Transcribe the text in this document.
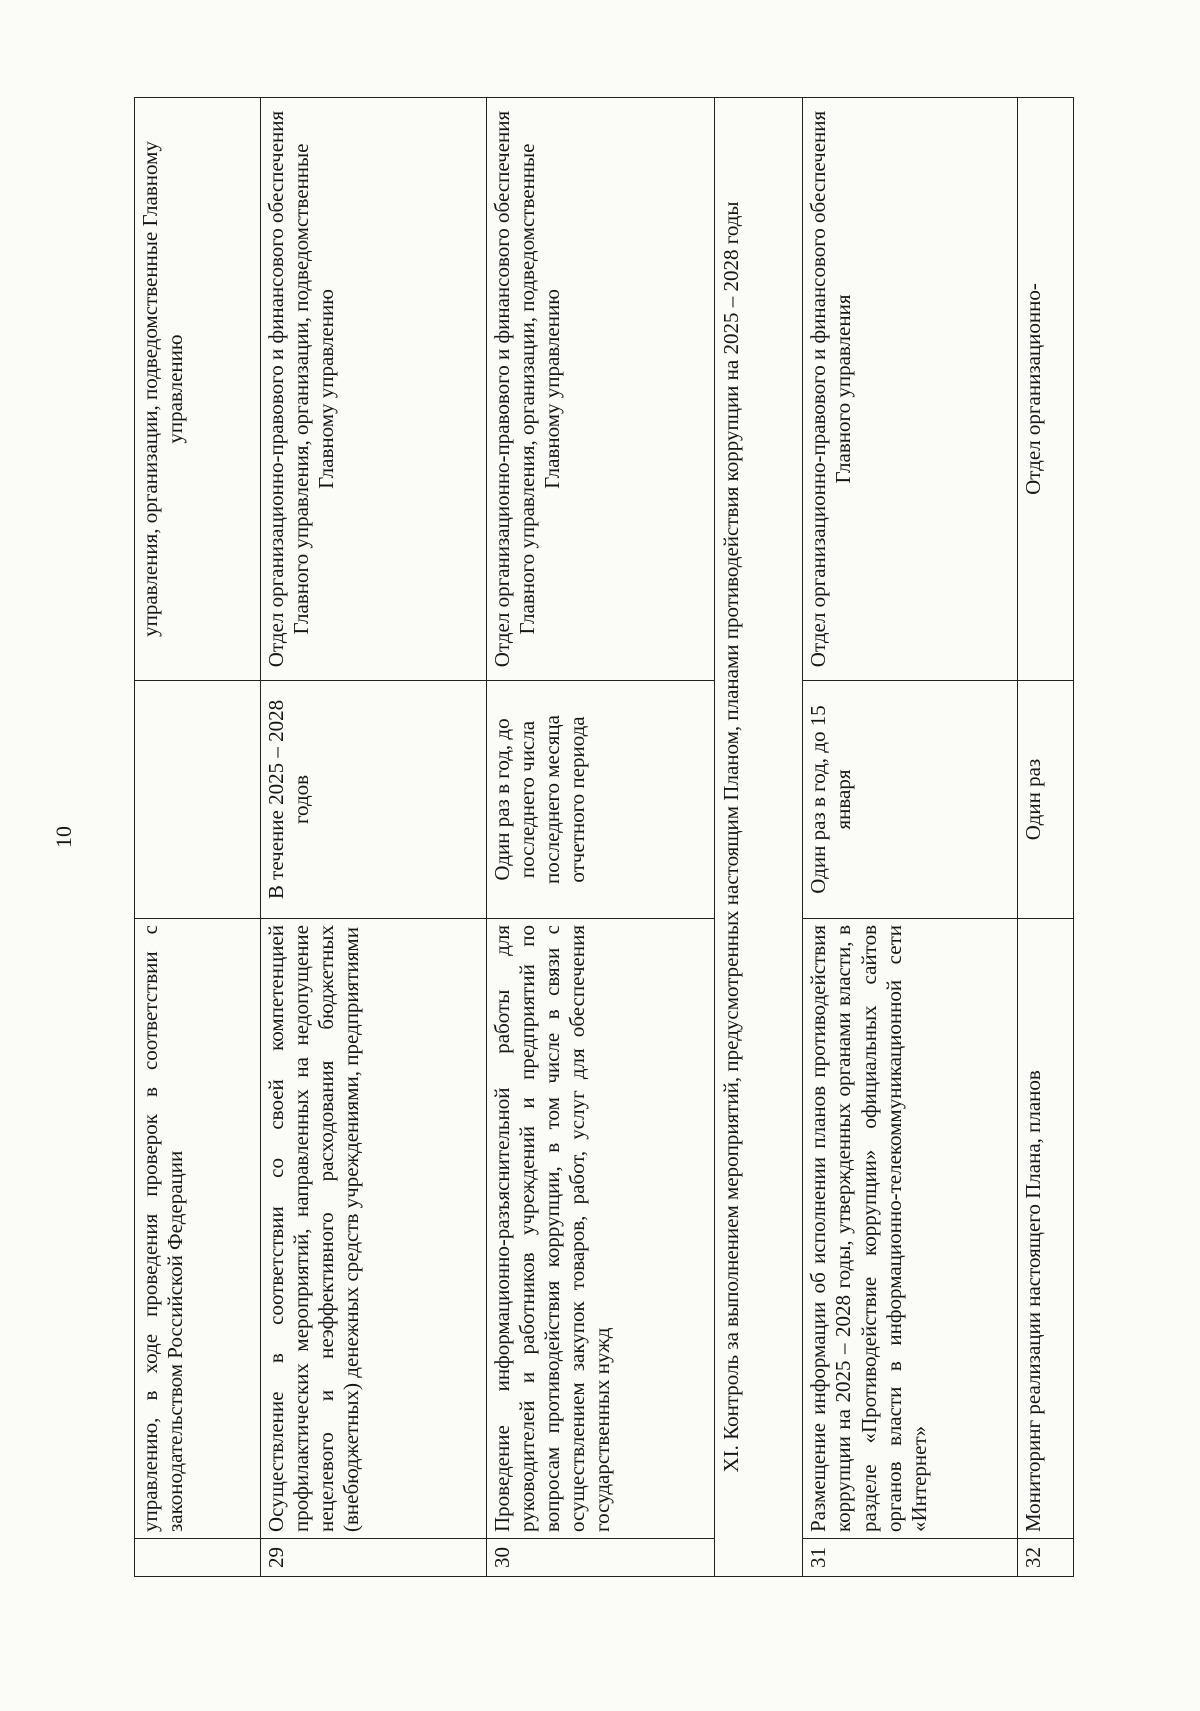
10
	управлению, в ходе проведения проверок в соответствии с законодательством Российской Федерации		управления, организации, подведомственные Главному управлению
29	Осуществление в соответствии со своей компетенцией профилактических мероприятий, направленных на недопущение нецелевого и неэффективного расходования бюджетных (внебюджетных) денежных средств учреждениями, предприятиями	В течение 2025 – 2028 годов	Отдел организационно-правового и финансового обеспечения Главного управления, организации, подведомственные Главному управлению
30	Проведение информационно-разъяснительной работы для руководителей и работников учреждений и предприятий по вопросам противодействия коррупции, в том числе в связи с осуществлением закупок товаров, работ, услуг для обеспечения государственных нужд	Один раз в год, до последнего числа последнего месяца отчетного периода	Отдел организационно-правового и финансового обеспечения Главного управления, организации, подведомственные Главному управлению
XI. Контроль за выполнением мероприятий, предусмотренных настоящим Планом, планами противодействия коррупции на 2025 – 2028 годы			
31	Размещение информации об исполнении планов противодействия коррупции на 2025 – 2028 годы, утвержденных органами власти, в разделе «Противодействие коррупции» официальных сайтов органов власти в информационно-телекоммуникационной сети «Интернет»	Один раз в год, до 15 января	Отдел организационно-правового и финансового обеспечения Главного управления
32	Мониторинг реализации настоящего Плана, планов	Один раз	Отдел организационно-
